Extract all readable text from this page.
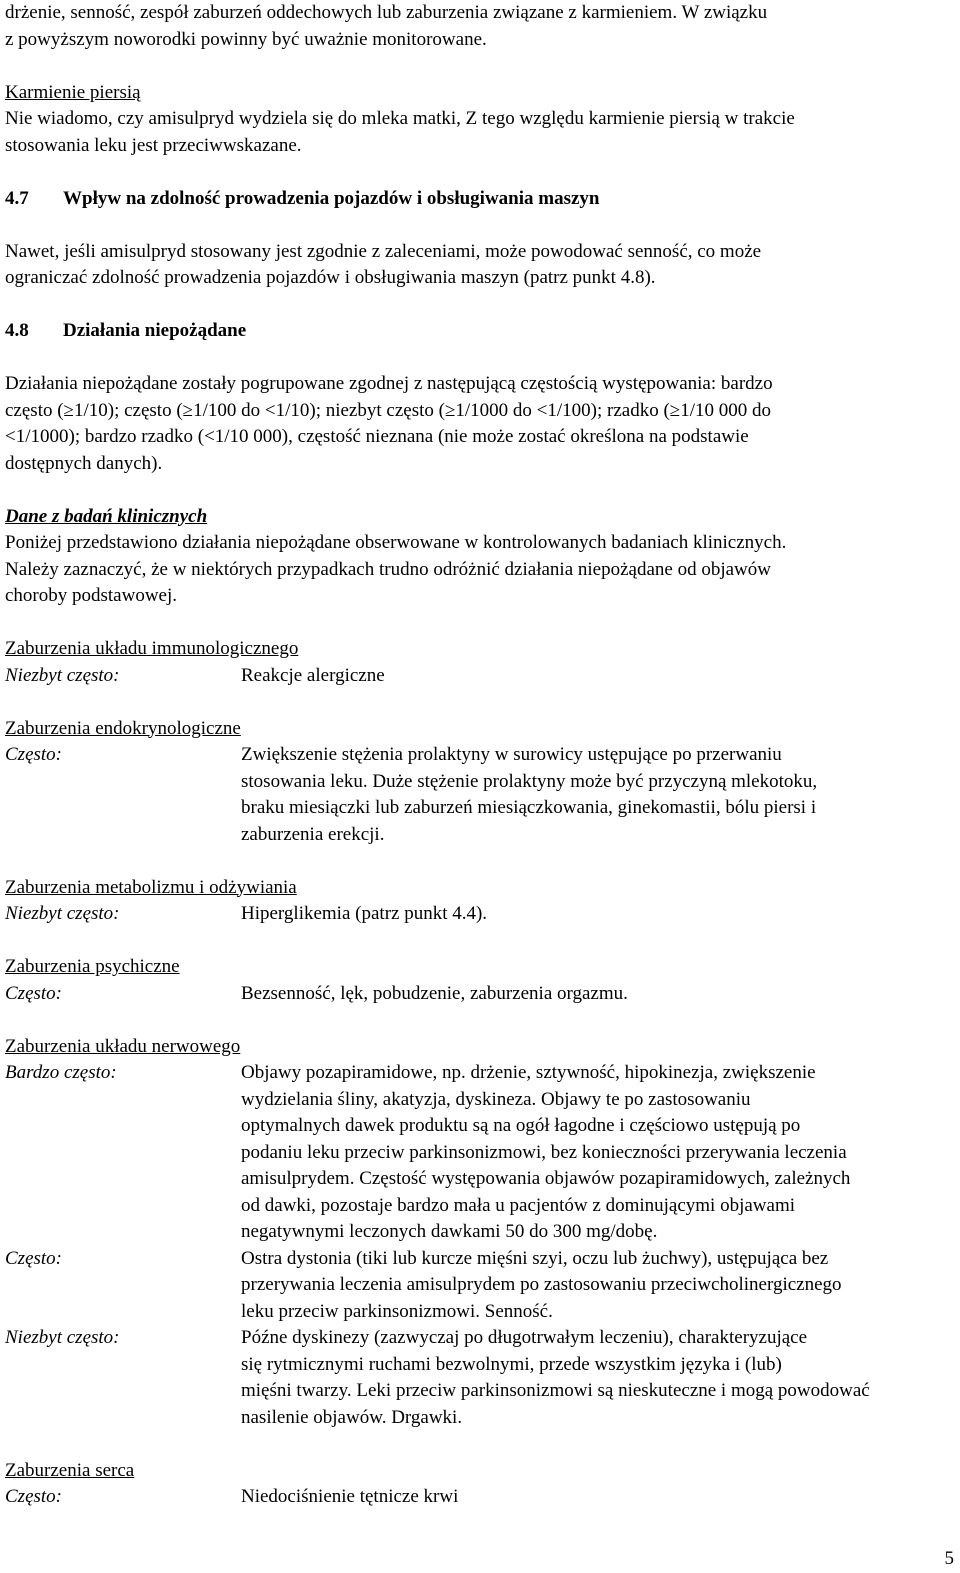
drżenie, senność, zespół zaburzeń oddechowych lub zaburzenia związane z karmieniem. W związku

z powyższym noworodki powinny być uważnie monitorowane.

Karmienie piersią

Nie wiadomo, czy amisulpryd wydziela się do mleka matki, Z tego względu karmienie piersią w trakcie

stosowania leku jest przeciwwskazane.

4.7 Wpływ na zdolność prowadzenia pojazdów i obsługiwania maszyn

Nawet, jeśli amisulpryd stosowany jest zgodnie z zaleceniami, może powodować senność, co może

ograniczać zdolność prowadzenia pojazdów i obsługiwania maszyn (patrz punkt 4.8).

4.8 Działania niepożądane

Działania niepożądane zostały pogrupowane zgodnej z następującą częstością występowania: bardzo

często (≥1/10); często (≥1/100 do <1/10); niezbyt często (≥1/1000 do <1/100); rzadko (≥1/10 000 do

<1/1000); bardzo rzadko (<1/10 000), częstość nieznana (nie może zostać określona na podstawie

dostępnych danych).

Dane z badań klinicznych

Poniżej przedstawiono działania niepożądane obserwowane w kontrolowanych badaniach klinicznych.

Należy zaznaczyć, że w niektórych przypadkach trudno odróżnić działania niepożądane od objawów

choroby podstawowej.

Zaburzenia układu immunologicznego

Niezbyt często:	Reakcje alergiczne

Zaburzenia endokrynologiczne

Często:	Zwiększenie stężenia prolaktyny w surowicy ustępujące po przerwaniu
stosowania leku. Duże stężenie prolaktyny może być przyczyną mlekotoku,
braku miesiączki lub zaburzeń miesiączkowania, ginekomastii, bólu piersi i
zaburzenia erekcji.

Zaburzenia metabolizmu i odżywiania

Niezbyt często:	Hiperglikemia (patrz punkt 4.4).

Zaburzenia psychiczne

Często:	Bezsenność, lęk, pobudzenie, zaburzenia orgazmu.

Zaburzenia układu nerwowego

Bardzo często:	Objawy pozapiramidowe, np. drżenie, sztywność, hipokinezja, zwiększenie
wydzielania śliny, akatyzja, dyskineza. Objawy te po zastosowaniu
optymalnych dawek produktu są na ogół łagodne i częściowo ustępują po
podaniu leku przeciw parkinsonizmowi, bez konieczności przerywania leczenia
amisulprydem. Częstość występowania objawów pozapiramidowych, zależnych
od dawki, pozostaje bardzo mała u pacjentów z dominującymi objawami
negatywnymi leczonych dawkami 50 do 300 mg/dobę.
Często:	Ostra dystonia (tiki lub kurcze mięśni szyi, oczu lub żuchwy), ustępująca bez
przerywania leczenia amisulprydem po zastosowaniu przeciwcholinergicznego
leku przeciw parkinsonizmowi. Senność.
Niezbyt często:	Późne dyskinezy (zazwyczaj po długotrwałym leczeniu), charakteryzujące
się rytmicznymi ruchami bezwolnymi, przede wszystkim języka i (lub)
mięśni twarzy. Leki przeciw parkinsonizmowi są nieskuteczne i mogą powodować
nasilenie objawów. Drgawki.

Zaburzenia serca

Często:	Niedociśnienie tętnicze krwi
5
